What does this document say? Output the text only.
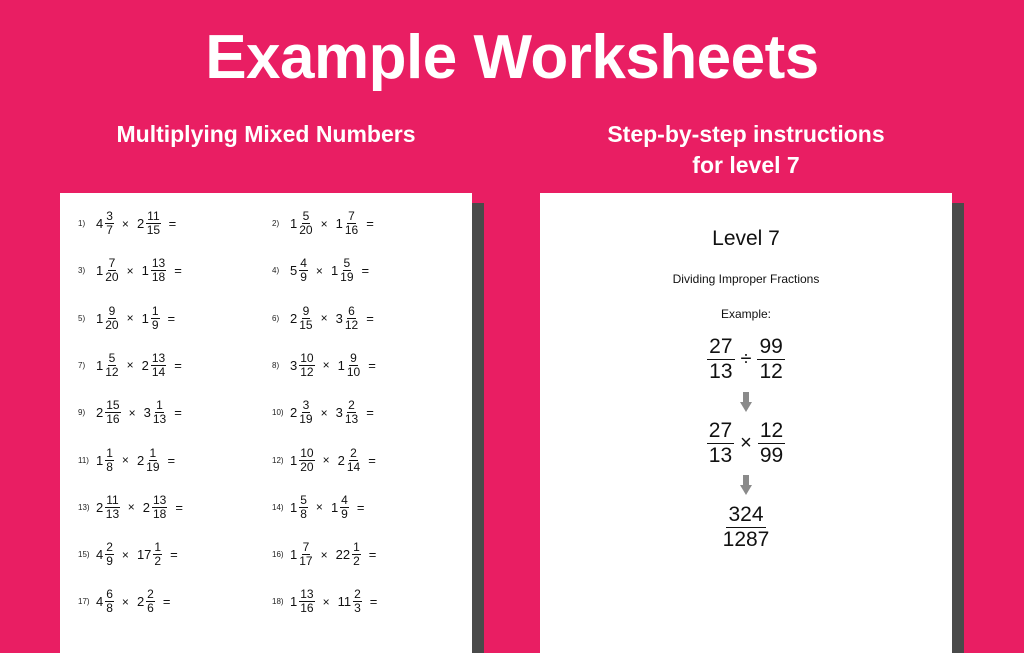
Example Worksheets
Multiplying Mixed Numbers	Step-by-step instructions
for level 7
1) $4 \frac{3}{7} \times 2 \frac{11}{15}$ =	2) $1 \frac{5}{20} \times 1 \frac{7}{16}$ =
3) $1 \frac{7}{20} \times 1 \frac{13}{18}$ =	4) $5 \frac{4}{9} \times 1 \frac{5}{19}$ =
5) $1 \frac{9}{20} \times 1 \frac{1}{9}$ =	6) $2 \frac{9}{15} \times 3 \frac{6}{12}$ =
7) $1 \frac{5}{12} \times 2 \frac{13}{14}$ =	8) $3 \frac{10}{12} \times 1 \frac{9}{10}$ =
9) $2 \frac{15}{16} \times 3 \frac{1}{13}$ =	10) $2 \frac{3}{19} \times 3 \frac{2}{13}$ =
11) $1 \frac{1}{8} \times 2 \frac{1}{19}$ =	12) $1 \frac{10}{20} \times 2 \frac{2}{14}$ =
13) $2 \frac{11}{13} \times 2 \frac{13}{18}$ =	14) $1 \frac{5}{8} \times 1 \frac{4}{9}$ =
15) $4 \frac{2}{9} \times 17 \frac{1}{2}$ =	16) $1 \frac{7}{17} \times 22 \frac{1}{2}$ =
17) $4 \frac{6}{8} \times 2 \frac{2}{6}$ =	18) $1 \frac{13}{16} \times 11 \frac{2}{3}$ =
Level 7
Dividing Improper Fractions
Example:
$\frac{27}{13} \div \frac{99}{12}$
$\frac{27}{13} \times \frac{12}{99}$
$\frac{324}{1287}$
